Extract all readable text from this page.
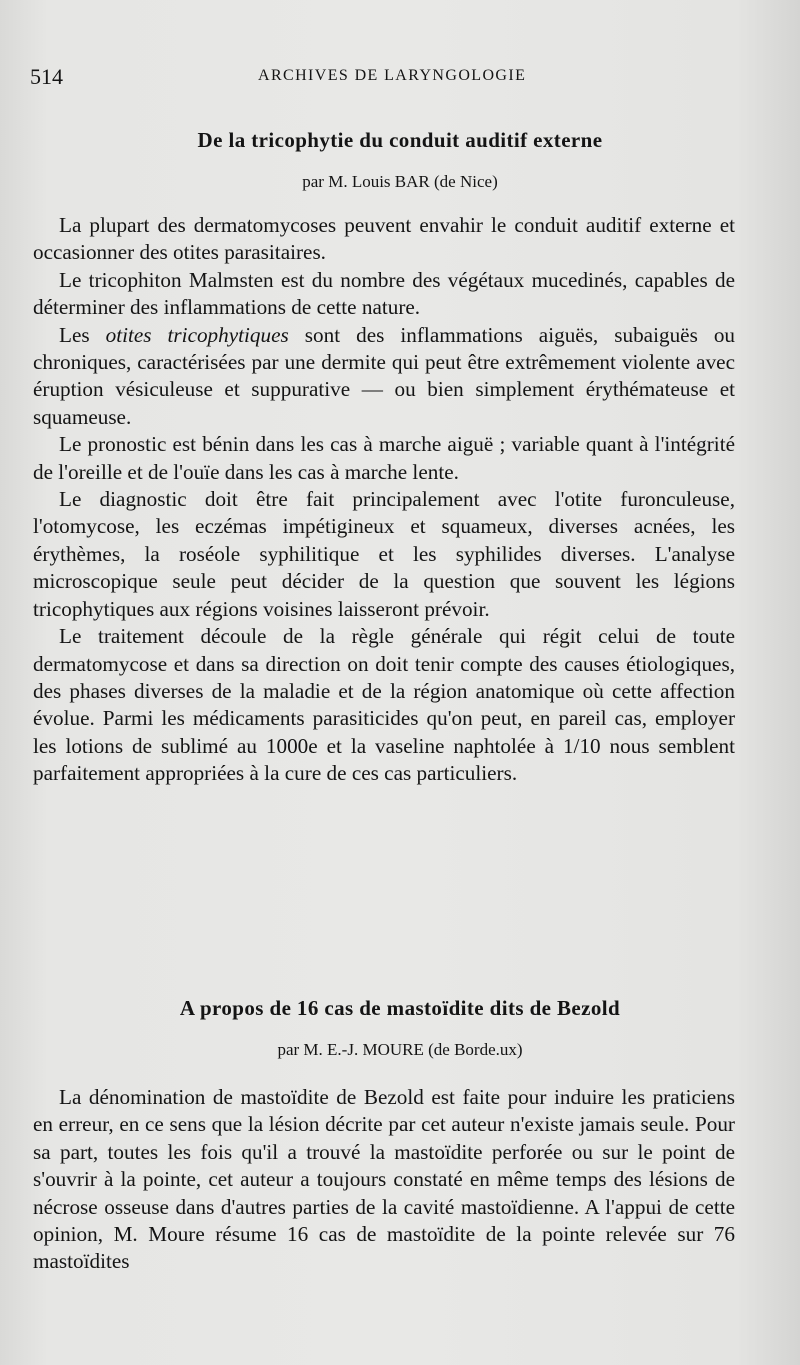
514	ARCHIVES DE LARYNGOLOGIE
De la tricophytie du conduit auditif externe

par M. Louis BAR (de Nice)

La plupart des dermatomycoses peuvent envahir le conduit auditif externe et occasionner des otites parasitaires.

Le tricophiton Malmsten est du nombre des végétaux mucedinés, capables de déterminer des inflammations de cette nature.

Les otites tricophytiques sont des inflammations aiguës, subaiguës ou chroniques, caractérisées par une dermite qui peut être extrêmement violente avec éruption vésiculeuse et suppurative — ou bien simplement érythémateuse et squameuse.

Le pronostic est bénin dans les cas à marche aiguë ; variable quant à l'intégrité de l'oreille et de l'ouïe dans les cas à marche lente.

Le diagnostic doit être fait principalement avec l'otite furonculeuse, l'otomycose, les eczémas impétigineux et squameux, diverses acnées, les érythèmes, la roséole syphilitique et les syphilides diverses. L'analyse microscopique seule peut décider de la question que souvent les légions tricophytiques aux régions voisines laisseront prévoir.

Le traitement découle de la règle générale qui régit celui de toute dermatomycose et dans sa direction on doit tenir compte des causes étiologiques, des phases diverses de la maladie et de la région anatomique où cette affection évolue. Parmi les médicaments parasiticides qu'on peut, en pareil cas, employer les lotions de sublimé au 1000e et la vaseline naphtolée à 1/10 nous semblent parfaitement appropriées à la cure de ces cas particuliers.

A propos de 16 cas de mastoïdite dits de Bezold

par M. E.-J. MOURE (de Borde.ux)

La dénomination de mastoïdite de Bezold est faite pour induire les praticiens en erreur, en ce sens que la lésion décrite par cet auteur n'existe jamais seule. Pour sa part, toutes les fois qu'il a trouvé la mastoïdite perforée ou sur le point de s'ouvrir à la pointe, cet auteur a toujours constaté en même temps des lésions de nécrose osseuse dans d'autres parties de la cavité mastoïdienne. A l'appui de cette opinion, M. Moure résume 16 cas de mastoïdite de la pointe relevée sur 76 mastoïdites
